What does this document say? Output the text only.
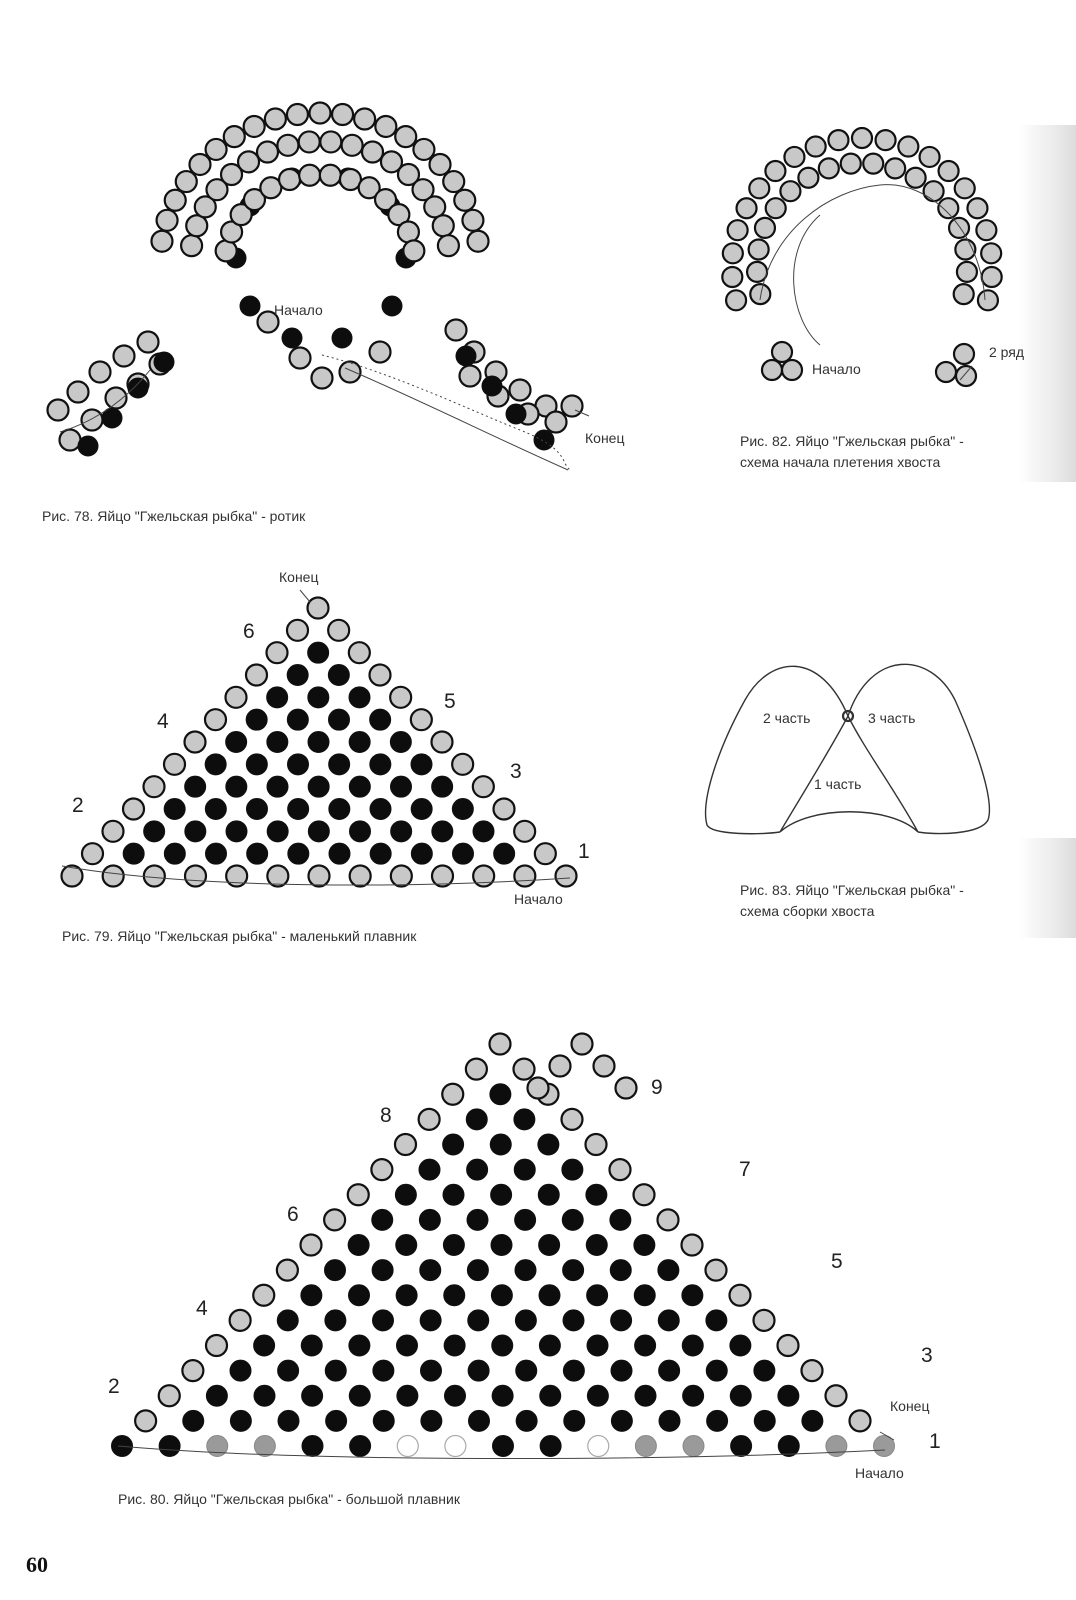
Начало
Конец
Начало
2 ряд
Конец
Начало
1
2
3
4
5
6
2 часть	3 часть
1 часть
Конец
Начало
1
2
3
4
5
6
7
8
9

Рис. 78. Яйцо "Гжельская рыбка" - ротик

Рис. 82. Яйцо "Гжельская рыбка" -

схема начала плетения хвоста

Рис. 79. Яйцо "Гжельская рыбка" - маленький плавник

Рис. 83. Яйцо "Гжельская рыбка" -

схема сборки хвоста

Рис. 80. Яйцо "Гжельская рыбка" - большой плавник

60
